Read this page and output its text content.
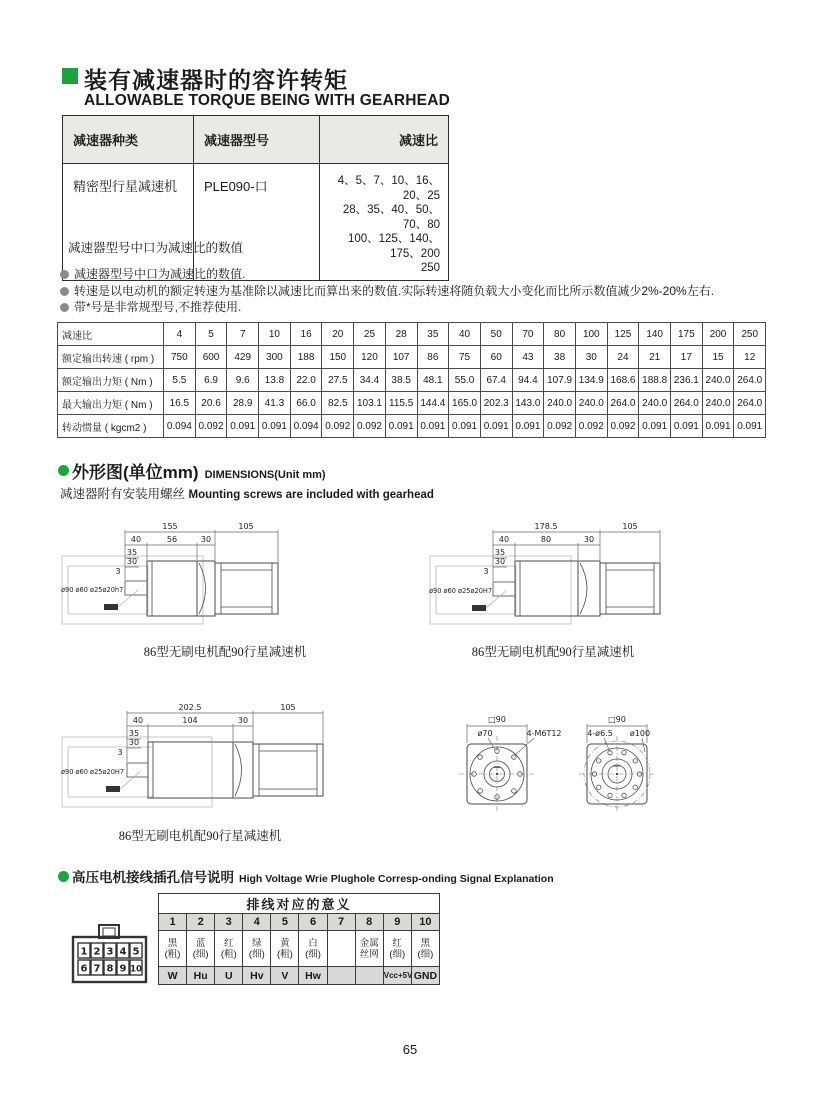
装有减速器时的容许转矩
ALLOWABLE TORQUE BEING WITH GEARHEAD
减速器种类	减速器型号	减速比
精密型行星减速机	PLE090-口	4、5、7、10、16、20、25
28、35、40、50、70、80
100、125、140、175、200
250
减速器型号中口为减速比的数值
减速器型号中口为减速比的数值.
转速是以电动机的额定转速为基准除以减速比而算出来的数值.实际转速将随负载大小变化而比所示数值减少2%-20%左右.
带*号是非常规型号,不推荐使用.
减速比	4	5	7	10	16	20	25	28	35	40	50	70	80	100	125	140	175	200	250
额定输出转速 ( rpm )	750	600	429	300	188	150	120	107	86	75	60	43	38	30	24	21	17	15	12
额定输出力矩 ( Nm )	5.5	6.9	9.6	13.8	22.0	27.5	34.4	38.5	48.1	55.0	67.4	94.4	107.9	134.9	168.6	188.8	236.1	240.0	264.0
最大输出力矩 ( Nm )	16.5	20.6	28.9	41.3	66.0	82.5	103.1	115.5	144.4	165.0	202.3	143.0	240.0	240.0	264.0	240.0	264.0	240.0	264.0
转动惯量 ( kgcm2 )	0.094	0.092	0.091	0.091	0.094	0.092	0.092	0.091	0.091	0.091	0.091	0.091	0.092	0.092	0.092	0.091	0.091	0.091	0.091
外形图(单位mm) DIMENSIONS(Unit mm)
减速器附有安装用螺丝 Mounting screws are included with gearhead
155	105
40	56	30
35
30
3
ø90 ø60 ø25ø20h7
86型无刷电机配90行星减速机
178.5	105
40	80	30
35
30
3
ø90 ø60 ø25ø20H7
86型无刷电机配90行星减速机
202.5	105
40	104	30
35
30
3
ø90 ø60 ø25ø20H7
86型无刷电机配90行星减速机
□90
ø70	4-M6T12
□90
4-ø6.5 ø100
高压电机接线插孔信号说明 High Voltage Wrie Plughole Corresp-onding Signal Explanation
1 2 3 4 5
6 7 8 9 10
排线对应的意义									
1	2	3	4	5	6	7	8	9	10
黑(粗)	蓝(细)	红(粗)	绿(细)	黄(粗)	白(细)		金属丝网	红(细)	黑(细)
W	Hu	U	Hv	V	Hw			Vcc+5V	GND
65
